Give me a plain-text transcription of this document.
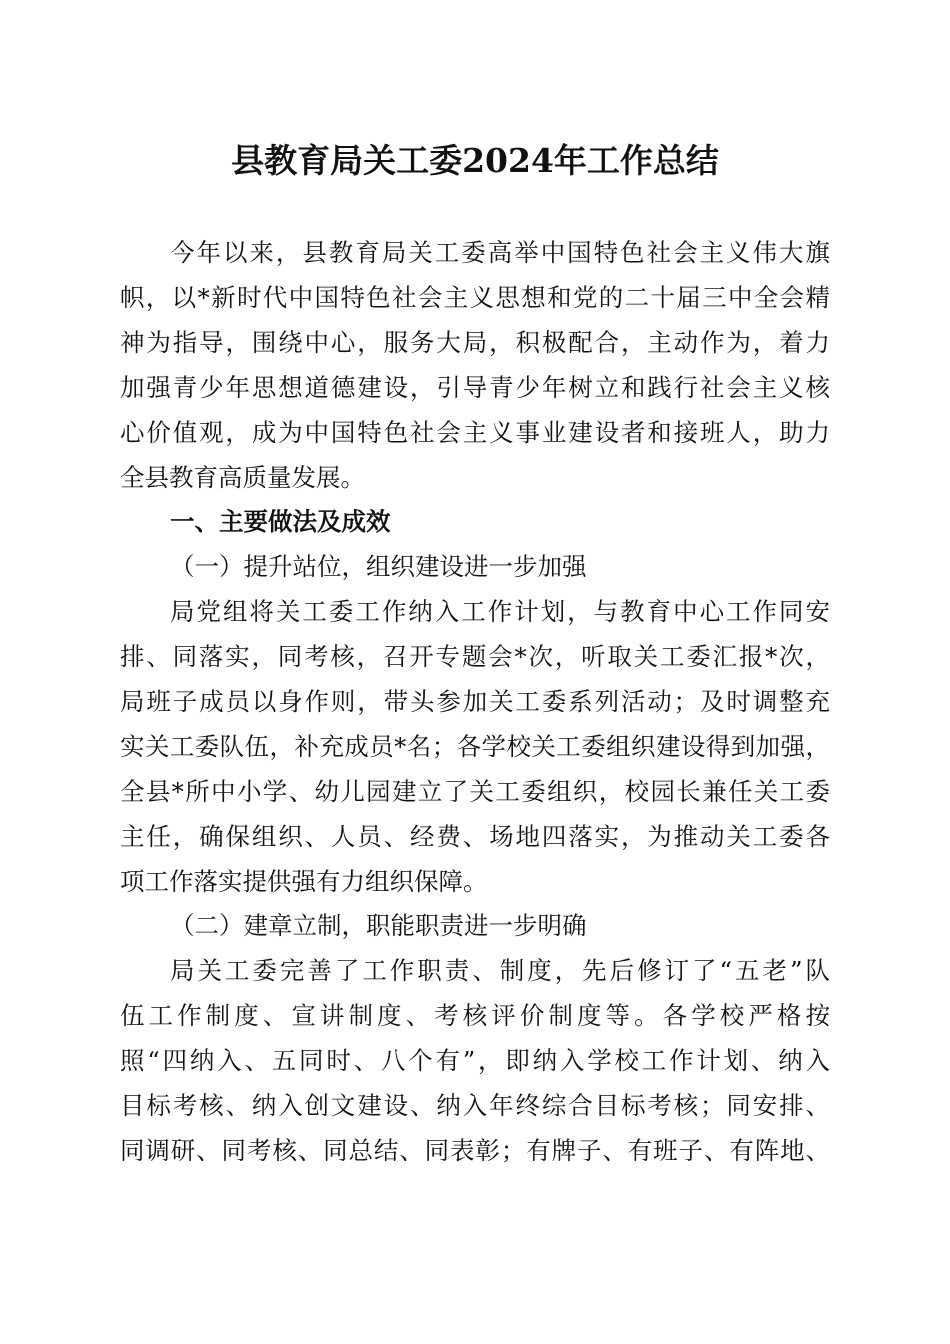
县教育局关工委2024年工作总结

今年以来，县教育局关工委高举中国特色社会主义伟大旗

帜，以*新时代中国特色社会主义思想和党的二十届三中全会精

神为指导，围绕中心，服务大局，积极配合，主动作为，着力

加强青少年思想道德建设，引导青少年树立和践行社会主义核

心价值观，成为中国特色社会主义事业建设者和接班人，助力

全县教育高质量发展。

一、主要做法及成效

（一）提升站位，组织建设进一步加强

局党组将关工委工作纳入工作计划，与教育中心工作同安

排、同落实，同考核，召开专题会*次，听取关工委汇报*次，

局班子成员以身作则，带头参加关工委系列活动；及时调整充

实关工委队伍，补充成员*名；各学校关工委组织建设得到加强，

全县*所中小学、幼儿园建立了关工委组织，校园长兼任关工委

主任，确保组织、人员、经费、场地四落实，为推动关工委各

项工作落实提供强有力组织保障。

（二）建章立制，职能职责进一步明确

局关工委完善了工作职责、制度，先后修订了“五老”队

伍工作制度、宣讲制度、考核评价制度等。各学校严格按

照“四纳入、五同时、八个有”，即纳入学校工作计划、纳入

目标考核、纳入创文建设、纳入年终综合目标考核；同安排、

同调研、同考核、同总结、同表彰；有牌子、有班子、有阵地、
